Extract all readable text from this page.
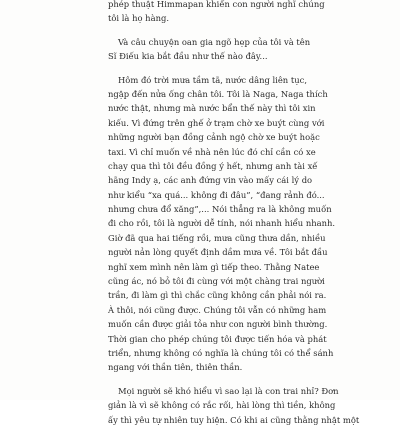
phép thuật Himmapan khiến con người nghĩ chúng
tôi là họ hàng.

Và câu chuyện oan gia ngõ hẹp của tôi và tên
Sĩ Điếu kia bắt đầu như thế nào đây...

Hôm đó trời mưa tầm tã, nước dâng liên tục,
ngập đến nửa ống chân tôi. Tôi là Naga, Naga thích
nước thật, nhưng mà nước bẩn thế này thì tôi xin
kiếu. Vì đứng trên ghế ở trạm chờ xe buýt cùng với
những người bạn đồng cảnh ngộ chờ xe buýt hoặc
taxi. Vì chỉ muốn về nhà nên lúc đó chỉ cần có xe
chạy qua thì tôi đều đồng ý hết, nhưng anh tài xế
hãng Indy ạ, các anh đứng vin vào mấy cái lý do
như kiểu “xa quá... không đi đâu”, “đang rảnh đó...
nhưng chưa đổ xăng”,... Nói thẳng ra là không muốn
đi cho rồi, tôi là người dễ tính, nói nhanh hiểu nhanh.
Giờ đã qua hai tiếng rồi, mưa cũng thưa dần, nhiều
người nản lòng quyết định dầm mưa về. Tôi bắt đầu
nghĩ xem mình nên làm gì tiếp theo. Thằng Natee
cũng ác, nó bỏ tôi đi cùng với một chàng trai người
trần, đi làm gì thì chắc cũng không cần phải nói ra.
À thôi, nói cũng được. Chúng tôi vẫn có những ham
muốn cần được giải tỏa như con người bình thường.
Thời gian cho phép chúng tôi được tiến hóa và phát
triển, nhưng không có nghĩa là chúng tôi có thể sánh
ngang với thần tiên, thiên thần.

Mọi người sẽ khó hiểu vì sao lại là con trai nhỉ? Đơn
giản là vì sẽ không có rắc rối, hài lòng thì tiền, không
ấy thì yêu tự nhiên tuy hiện. Có khi ai cũng thằng nhật một
